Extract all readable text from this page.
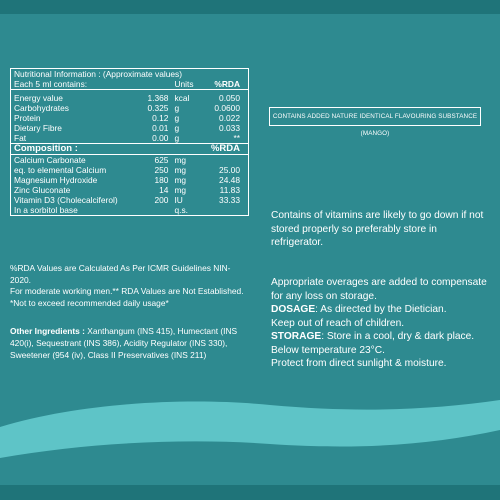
Nutritional Information : (Approximate values)			
Each 5 ml contains:		Units	%RDA

Energy value	1.368	kcal	0.050
Carbohydrates	0.325	g	0.0600
Protein	0.12	g	0.022
Dietary Fibre	0.01	g	0.033
Fat	0.00	g	**
Composition :			%RDA
Calcium Carbonate	625	mg	
eq. to elemental Calcium	250	mg	25.00
Magnesium Hydroxide	180	mg	24.48
Zinc Gluconate	14	mg	11.83
Vitamin D3 (Cholecalciferol)	200	IU	33.33
In a sorbitol base		q.s.	

%RDA Values are Calculated As Per ICMR Guidelines NIN-2020.

For moderate working men.** RDA Values are Not Established.

*Not to exceed recommended daily usage*

Other Ingredients : Xanthangum (INS 415), Humectant (INS 420(i), Sequestrant (INS 386), Acidity Regulator (INS 330), Sweetener (954 (iv), Class II Preservatives (INS 211)
CONTAINS ADDED NATURE IDENTICAL FLAVOURING SUBSTANCE (MANGO)

Contains of vitamins are likely to go down if not stored properly so preferably store in refrigerator.

Appropriate overages are added to compensate for any loss on storage.

DOSAGE: As directed by the Dietician.

Keep out of reach of children.

STORAGE: Store in a cool, dry & dark place.

Below temperature 23°C.

Protect from direct sunlight & moisture.
